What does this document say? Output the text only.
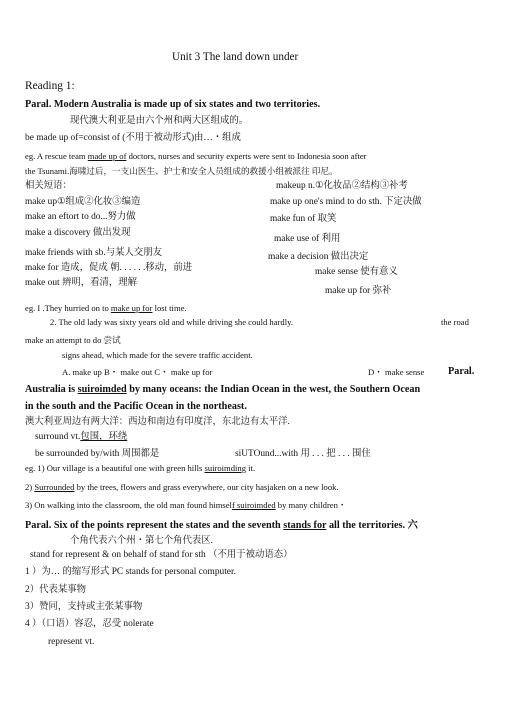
Unit 3 The land down under
Reading 1:
Paral. Modern Australia is made up of six states and two territories.
现代澳大利亚是由六个州和两大区组成的。
be made up of=consist of (不用于被动形式)由…・组成
eg. A rescue team made up of doctors, nurses and security experts were sent to Indonesia soon after
the Tsunami.海啸过后，一支山医生、护士和安全人员组成的救援小组被派往 印尼。
相关短语：
make up①组成②化妆③编造
make an eftort to do...努力做
make a discovery 做出发现
make friends with sb.与某人交朋友
make for 造成，促成 朝. . . . . .移动，前进
make out 辨明，看清，理解
makeup n.①化妆品②结构③补考
make up one's mind to do sth. 下定决做
make fun of 取笑
make use of 利用
make a decision 做出决定
make sense 使有意义
make up for 弥补
eg. I .They hurried on to make up for lost time.
2. The old lady was sixty years old and while driving she could hardly.	the road
make an attempt to do 尝试
signs ahead, which made for the severe traffic accident.
A. make up B・ make out C・ make up for	D・ make sense Paral.
Australia is suiroimded by many oceans: the Indian Ocean in the west, the Southern Ocean
in the south and the Pacific Ocean in the northeast.
澳大利亚周边有两大洋：西边和南边有印度洋，东北边有太平洋.
surround vt.包围，环绕
be surrounded by/with 周围都是	siUTOund...with 用 . . . 把 . . . 围住
eg. 1) Our village is a beautiful one with green hills suiroimding it.
2) Surrounded by the trees, flowers and grass everywhere, our city hasjaken on a new look.
3) On walking into the classroom, the old man found himself suiroimded by many children・
Paral. Six of the points represent the states and the seventh stands for all the territories. 六
个角代表六个州・第七个角代表区.
stand for represent & on behalf of stand for sth （不用于被动语态）
1 ）为… 的缩写形式 PC stands for personal computer.
2）代表某事物
3）赞同，支持或主张某事物
4 ）（口语）容忍，忍受 nolerate
represent vt.
